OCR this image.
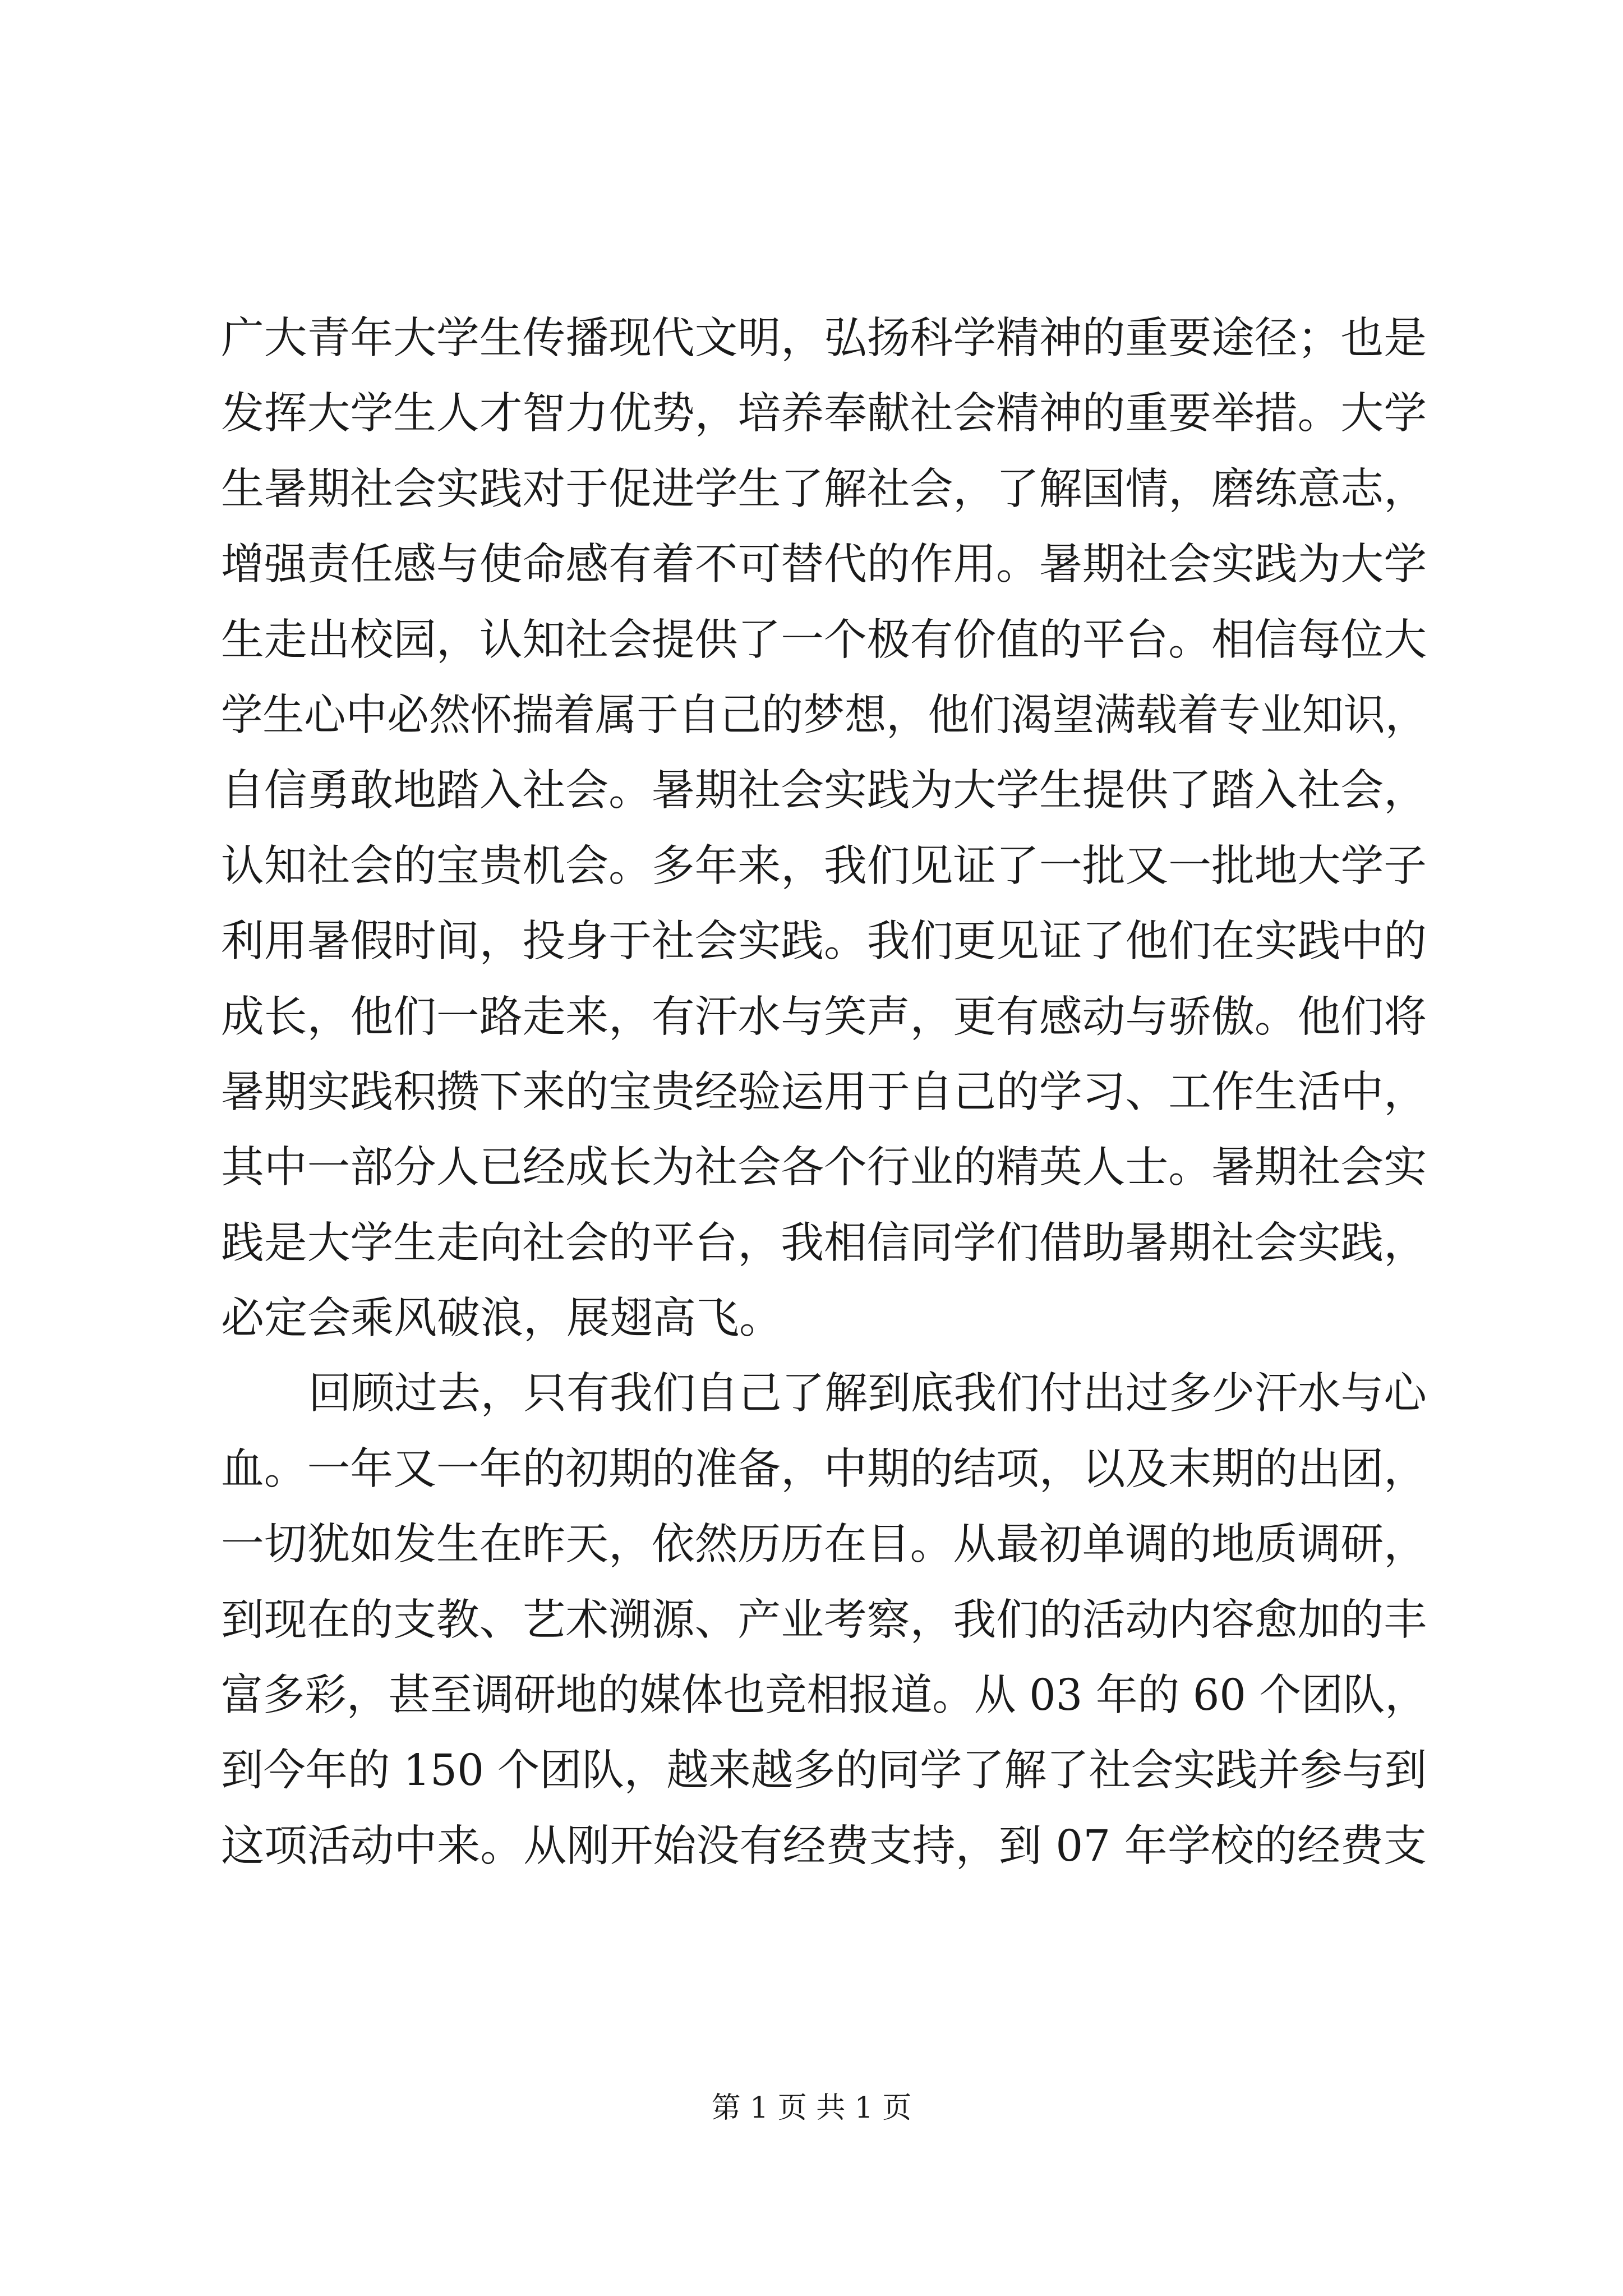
广大青年大学生传播现代文明，弘扬科学精神的重要途径；也是
发挥大学生人才智力优势，培养奉献社会精神的重要举措。大学
生暑期社会实践对于促进学生了解社会，了解国情，磨练意志，
增强责任感与使命感有着不可替代的作用。暑期社会实践为大学
生走出校园，认知社会提供了一个极有价值的平台。相信每位大
学生心中必然怀揣着属于自己的梦想，他们渴望满载着专业知识，
自信勇敢地踏入社会。暑期社会实践为大学生提供了踏入社会，
认知社会的宝贵机会。多年来，我们见证了一批又一批地大学子
利用暑假时间，投身于社会实践。我们更见证了他们在实践中的
成长，他们一路走来，有汗水与笑声，更有感动与骄傲。他们将
暑期实践积攒下来的宝贵经验运用于自己的学习、工作生活中，
其中一部分人已经成长为社会各个行业的精英人士。暑期社会实
践是大学生走向社会的平台，我相信同学们借助暑期社会实践，
必定会乘风破浪，展翅高飞。
回顾过去，只有我们自己了解到底我们付出过多少汗水与心
血。一年又一年的初期的准备，中期的结项，以及末期的出团，
一切犹如发生在昨天，依然历历在目。从最初单调的地质调研，
到现在的支教、艺术溯源、产业考察，我们的活动内容愈加的丰
富多彩，甚至调研地的媒体也竞相报道。从 03 年的 60 个团队，
到今年的 150 个团队，越来越多的同学了解了社会实践并参与到
这项活动中来。从刚开始没有经费支持，到 07 年学校的经费支
第 1 页 共 1 页
